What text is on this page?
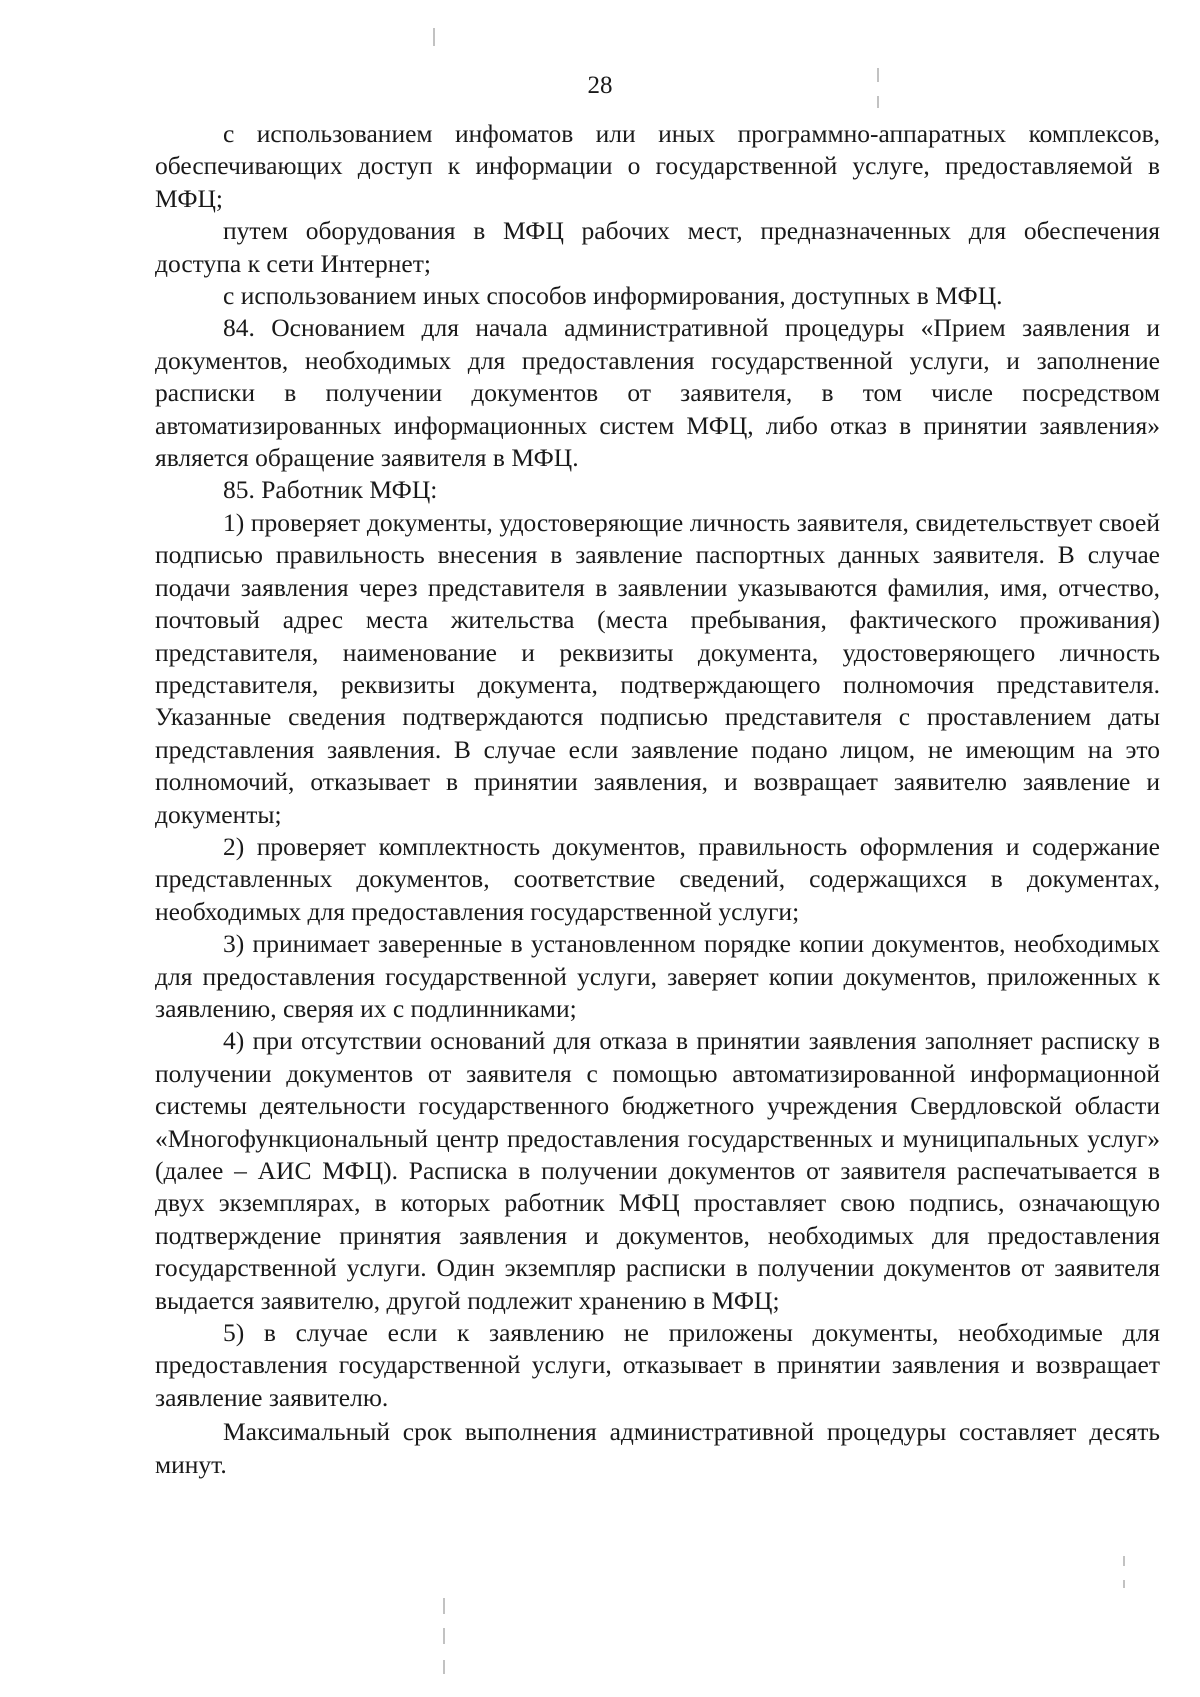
28

с использованием инфоматов или иных программно-аппаратных комплексов, обеспечивающих доступ к информации о государственной услуге, предоставляемой в МФЦ;

путем оборудования в МФЦ рабочих мест, предназначенных для обеспечения доступа к сети Интернет;

с использованием иных способов информирования, доступных в МФЦ.

84. Основанием для начала административной процедуры «Прием заявления и документов, необходимых для предоставления государственной услуги, и заполнение расписки в получении документов от заявителя, в том числе посредством автоматизированных информационных систем МФЦ, либо отказ в принятии заявления» является обращение заявителя в МФЦ.

85. Работник МФЦ:

1) проверяет документы, удостоверяющие личность заявителя, свидетельствует своей подписью правильность внесения в заявление паспортных данных заявителя. В случае подачи заявления через представителя в заявлении указываются фамилия, имя, отчество, почтовый адрес места жительства (места пребывания, фактического проживания) представителя, наименование и реквизиты документа, удостоверяющего личность представителя, реквизиты документа, подтверждающего полномочия представителя. Указанные сведения подтверждаются подписью представителя с проставлением даты представления заявления. В случае если заявление подано лицом, не имеющим на это полномочий, отказывает в принятии заявления, и возвращает заявителю заявление и документы;

2) проверяет комплектность документов, правильность оформления и содержание представленных документов, соответствие сведений, содержащихся в документах, необходимых для предоставления государственной услуги;

3) принимает заверенные в установленном порядке копии документов, необходимых для предоставления государственной услуги, заверяет копии документов, приложенных к заявлению, сверяя их с подлинниками;

4) при отсутствии оснований для отказа в принятии заявления заполняет расписку в получении документов от заявителя с помощью автоматизированной информационной системы деятельности государственного бюджетного учреждения Свердловской области «Многофункциональный центр предоставления государственных и муниципальных услуг» (далее – АИС МФЦ). Расписка в получении документов от заявителя распечатывается в двух экземплярах, в которых работник МФЦ проставляет свою подпись, означающую подтверждение принятия заявления и документов, необходимых для предоставления государственной услуги. Один экземпляр расписки в получении документов от заявителя выдается заявителю, другой подлежит хранению в МФЦ;

5) в случае если к заявлению не приложены документы, необходимые для предоставления государственной услуги, отказывает в принятии заявления и возвращает заявление заявителю.

Максимальный срок выполнения административной процедуры составляет десять минут.
